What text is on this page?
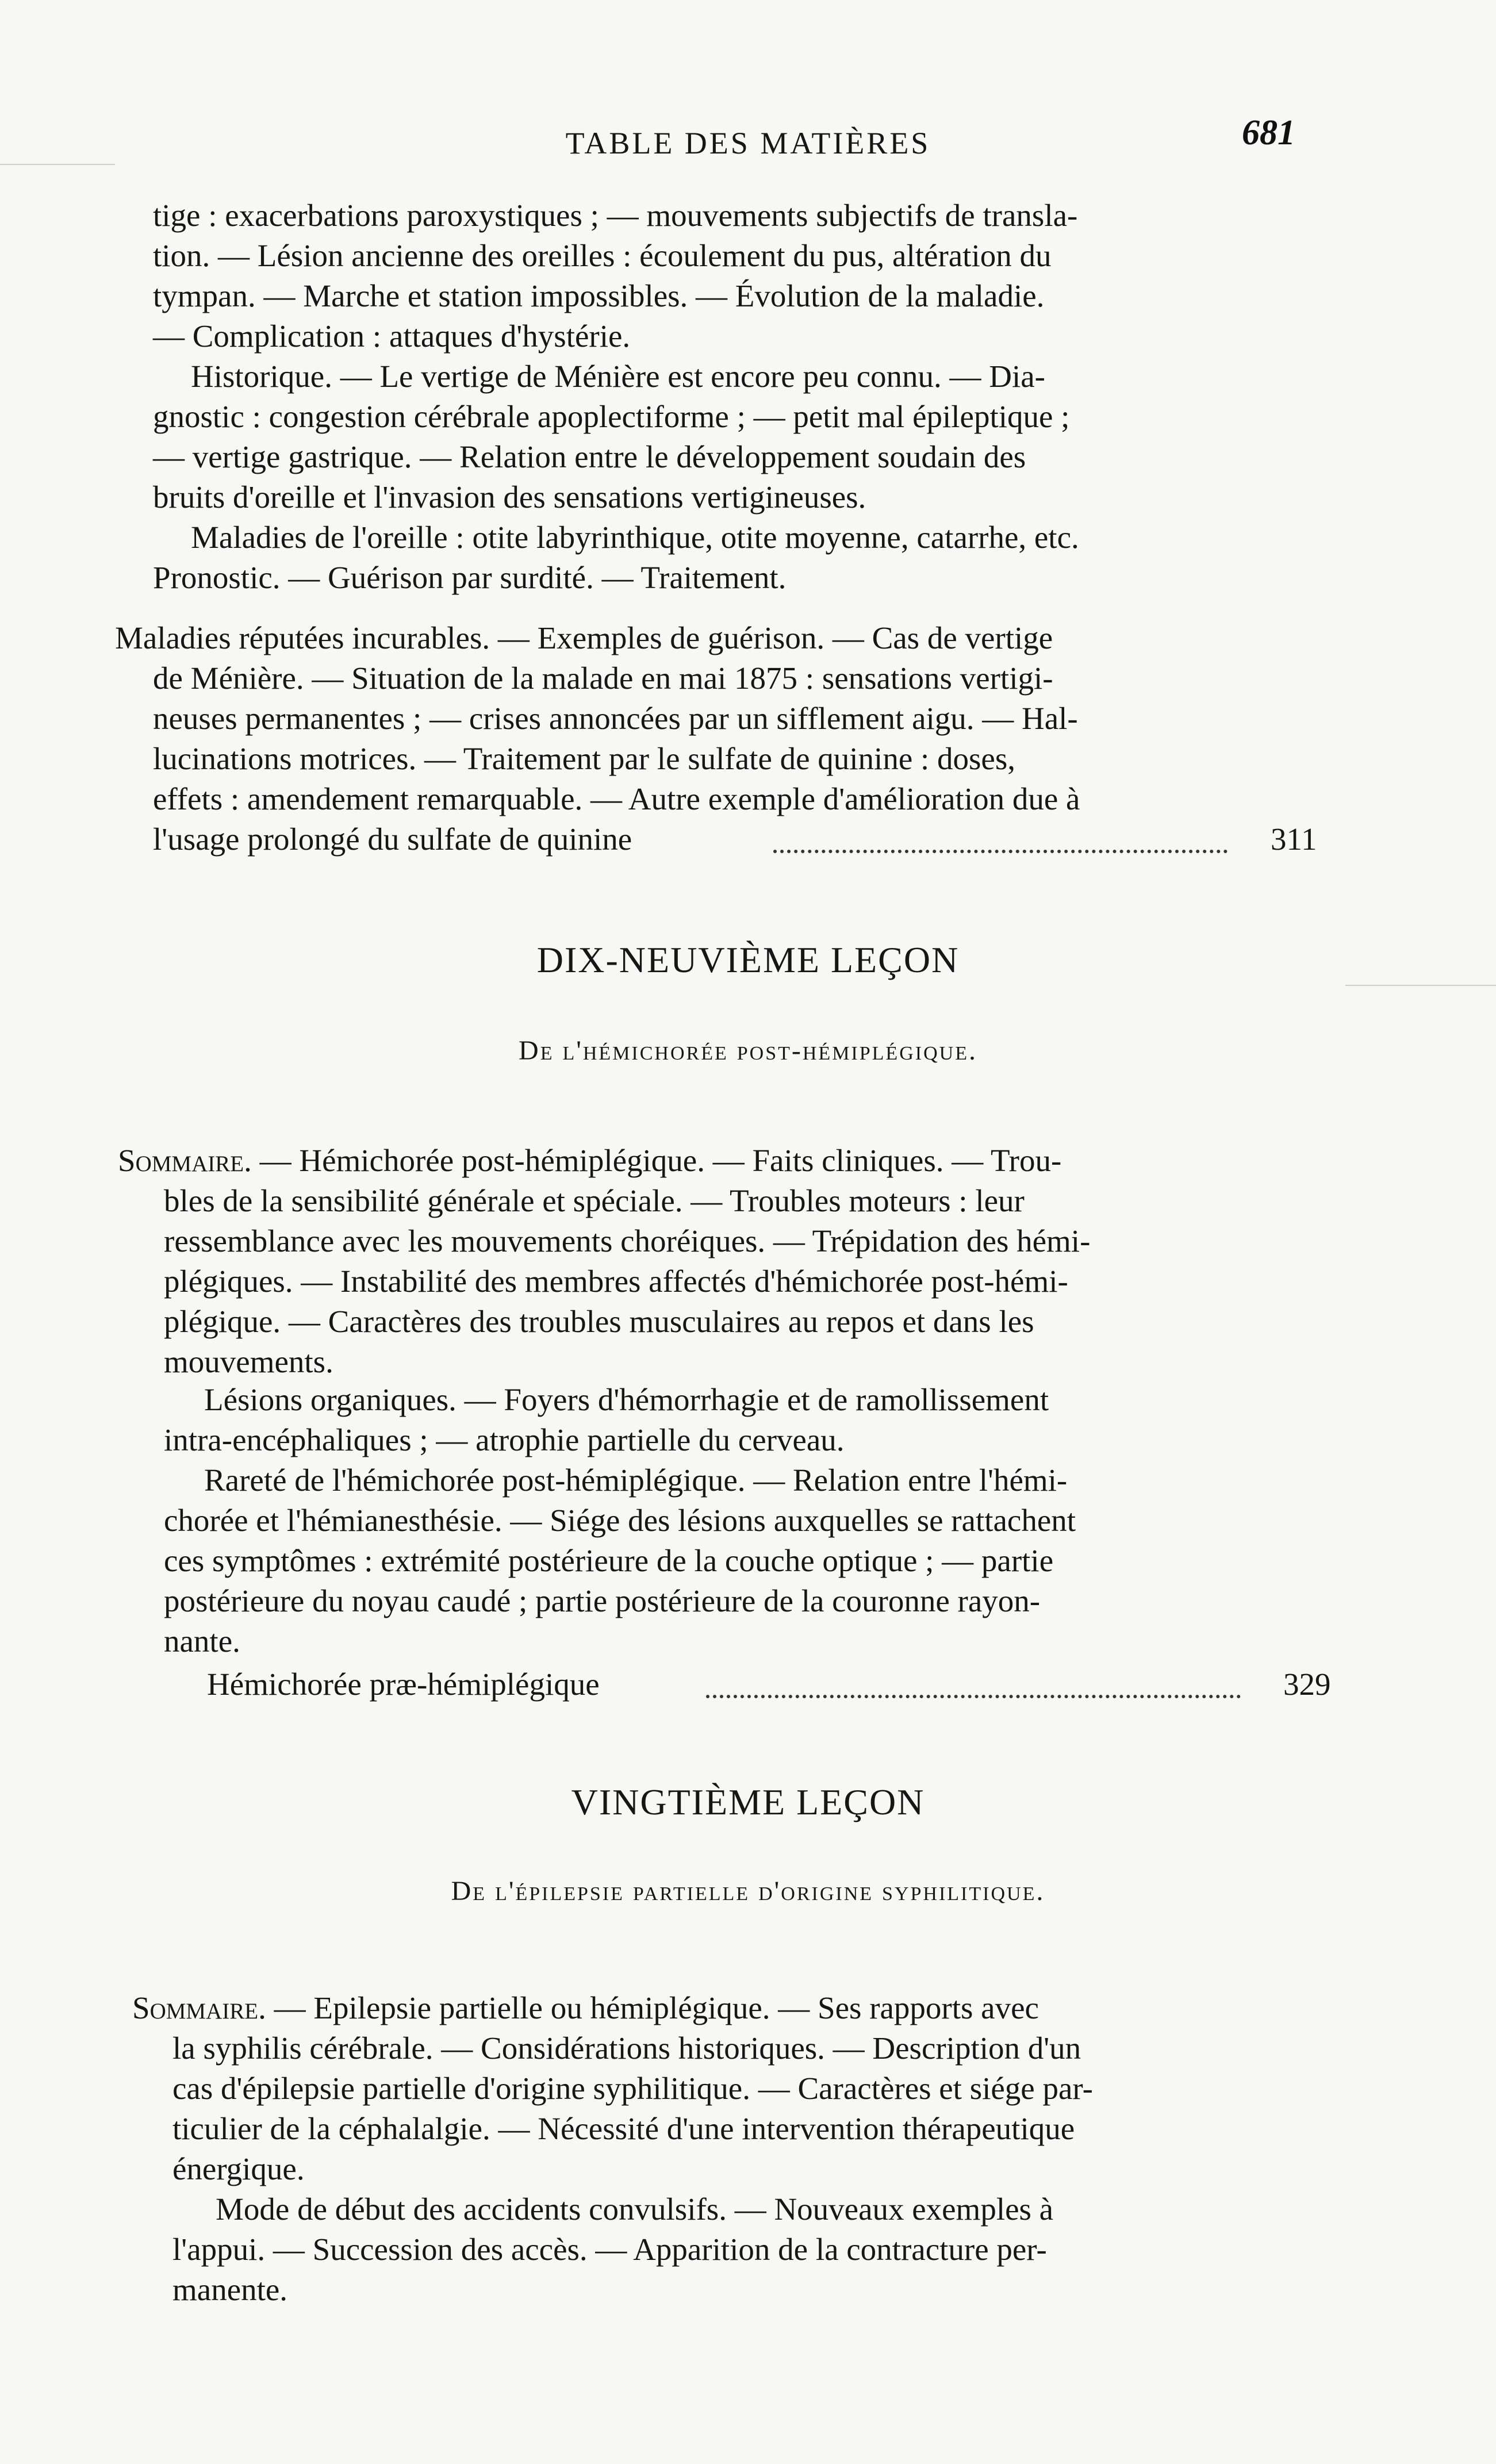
TABLE DES MATIÈRES	681
tige : exacerbations paroxystiques ; — mouvements subjectifs de transla-
tion. — Lésion ancienne des oreilles : écoulement du pus, altération du
tympan. — Marche et station impossibles. — Évolution de la maladie.
— Complication : attaques d'hystérie.
Historique. — Le vertige de Ménière est encore peu connu. — Dia-
gnostic : congestion cérébrale apoplectiforme ; — petit mal épileptique ;
— vertige gastrique. — Relation entre le développement soudain des
bruits d'oreille et l'invasion des sensations vertigineuses.
Maladies de l'oreille : otite labyrinthique, otite moyenne, catarrhe, etc.
Pronostic. — Guérison par surdité. — Traitement.
Maladies réputées incurables. — Exemples de guérison. — Cas de vertige
de Ménière. — Situation de la malade en mai 1875 : sensations vertigi-
neuses permanentes ; — crises annoncées par un sifflement aigu. — Hal-
lucinations motrices. — Traitement par le sulfate de quinine : doses,
effets : amendement remarquable. — Autre exemple d'amélioration due à
l'usage prolongé du sulfate de quinine	311
DIX-NEUVIÈME LEÇON
De l'hémichorée post-hémiplégique.
Sommaire. — Hémichorée post-hémiplégique. — Faits cliniques. — Trou-
bles de la sensibilité générale et spéciale. — Troubles moteurs : leur
ressemblance avec les mouvements choréiques. — Trépidation des hémi-
plégiques. — Instabilité des membres affectés d'hémichorée post-hémi-
plégique. — Caractères des troubles musculaires au repos et dans les
mouvements.
Lésions organiques. — Foyers d'hémorrhagie et de ramollissement
intra-encéphaliques ; — atrophie partielle du cerveau.
Rareté de l'hémichorée post-hémiplégique. — Relation entre l'hémi-
chorée et l'hémianesthésie. — Siége des lésions auxquelles se rattachent
ces symptômes : extrémité postérieure de la couche optique ; — partie
postérieure du noyau caudé ; partie postérieure de la couronne rayon-
nante.
Hémichorée præ-hémiplégique	329
VINGTIÈME LEÇON
De l'épilepsie partielle d'origine syphilitique.
Sommaire. — Epilepsie partielle ou hémiplégique. — Ses rapports avec
la syphilis cérébrale. — Considérations historiques. — Description d'un
cas d'épilepsie partielle d'origine syphilitique. — Caractères et siége par-
ticulier de la céphalalgie. — Nécessité d'une intervention thérapeutique
énergique.
Mode de début des accidents convulsifs. — Nouveaux exemples à
l'appui. — Succession des accès. — Apparition de la contracture per-
manente.
